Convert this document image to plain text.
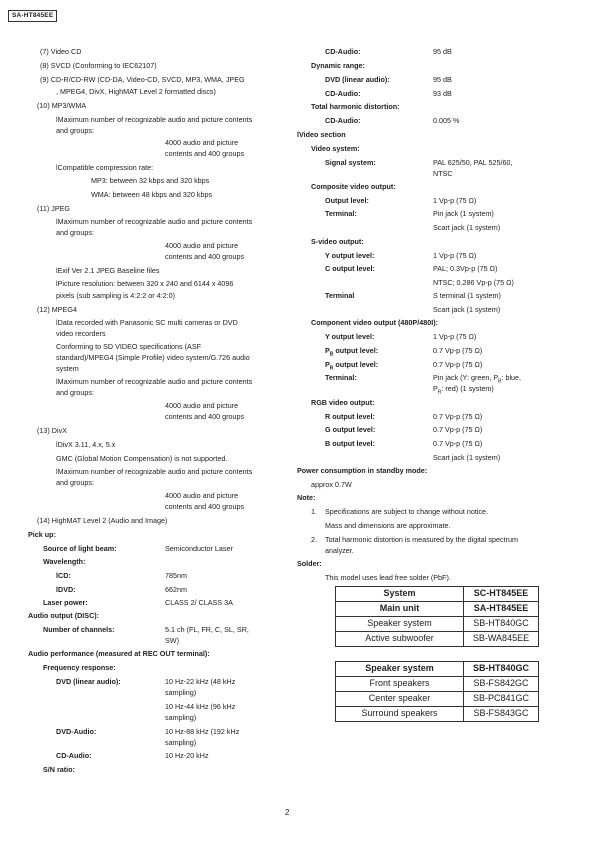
SA-HT845EE
(7) Video CD
(8) SVCD (Conforming to IEC62107)
(9) CD-R/CD-RW (CD-DA, Video-CD, SVCD, MP3, WMA, JPEG
, MPEG4, DivX, HighMAT Level 2 formatted discs)
(10) MP3/WMA
lMaximum number of recognizable audio and picture contents
and groups:
4000 audio and picture
contents and 400 groups
lCompatible compression rate:
MP3: between 32 kbps and 320 kbps
WMA: between 48 kbps and 320 kbps
(11) JPEG
lMaximum number of recognizable audio and picture contents
and groups:
4000 audio and picture
contents and 400 groups
lExif Ver 2.1 JPEG Baseline files
lPicture resolution: between 320 x 240 and 6144 x 4096
pixels (sub sampling is 4:2:2 or 4:2:0)
(12) MPEG4
lData recorded with Panasonic SC multi cameras or DVD
video recorders
Conforming to SD VIDEO specifications (ASF
standard)/MPEG4 (Simple Profile) video system/G.726 audio
system
lMaximum number of recognizable audio and picture contents
and groups:
4000 audio and picture
contents and 400 groups
(13) DivX
lDivX 3.11, 4.x, 5.x
GMC (Global Motion Compensation) is not supported.
lMaximum number of recognizable audio and picture contents
and groups:
4000 audio and picture
contents and 400 groups
(14) HighMAT Level 2 (Audio and Image)
Pick up:
Source of light beam:	Semiconductor Laser
Wavelength:
lCD:	785nm
lDVD:	662nm
Laser power:	CLASS 2/ CLASS 3A
Audio output (DISC):
Number of channels:	5.1 ch (FL, FR, C, SL, SR,
SW)
Audio performance (measured at REC OUT terminal):
Frequency response:
DVD (linear audio):	10 Hz-22 kHz (48 kHz
sampling)
10 Hz-44 kHz (96 kHz
sampling)
DVD-Audio:	10 Hz-88 kHz (192 kHz
sampling)
CD-Audio:	10 Hz-20 kHz
S/N ratio:
CD-Audio:	95 dB
Dynamic range:
DVD (linear audio):	95 dB
CD-Audio:	93 dB
Total harmonic distortion:
CD-Audio:	0.005 %
lVideo section
Video system:
Signal system:	PAL 625/50, PAL 525/60,
NTSC
Composite video output:
Output level:	1 Vp-p (75 Ω)
Terminal:	Pin jack (1 system)
Scart jack (1 system)
S-video output:
Y output level:	1 Vp-p (75 Ω)
C output level:	PAL; 0.3Vp-p (75 Ω)
NTSC; 0.286 Vp-p (75 Ω)
Terminal	S terminal (1 system)
Scart jack (1 system)
Component video output (480P/480I):
Y output level:	1 Vp-p (75 Ω)
$P_B$ output level:	0.7 Vp-p (75 Ω)
$P_R$ output level:	0.7 Vp-p (75 Ω)
Terminal:	Pin jack (Y: green, $P_B$: blue,
$P_R$: red) (1 system)
RGB video output:
R output level:	0.7 Vp-p (75 Ω)
G output level:	0.7 Vp-p (75 Ω)
B output level:	0.7 Vp-p (75 Ω)
Scart jack (1 system)
Power consumption in standby mode:
approx 0.7W
Note:
1. Specifications are subject to change without notice.
Mass and dimensions are approximate.
2. Total harmonic distortion is measured by the digital spectrum
analyzer.
Solder:
This model uses lead free solder (PbF).
System	SC-HT845EE
Main unit	SA-HT845EE
Speaker system	SB-HT840GC
Active subwoofer	SB-WA845EE
Speaker system	SB-HT840GC
Front speakers	SB-FS842GC
Center speaker	SB-PC841GC
Surround speakers	SB-FS843GC
2
